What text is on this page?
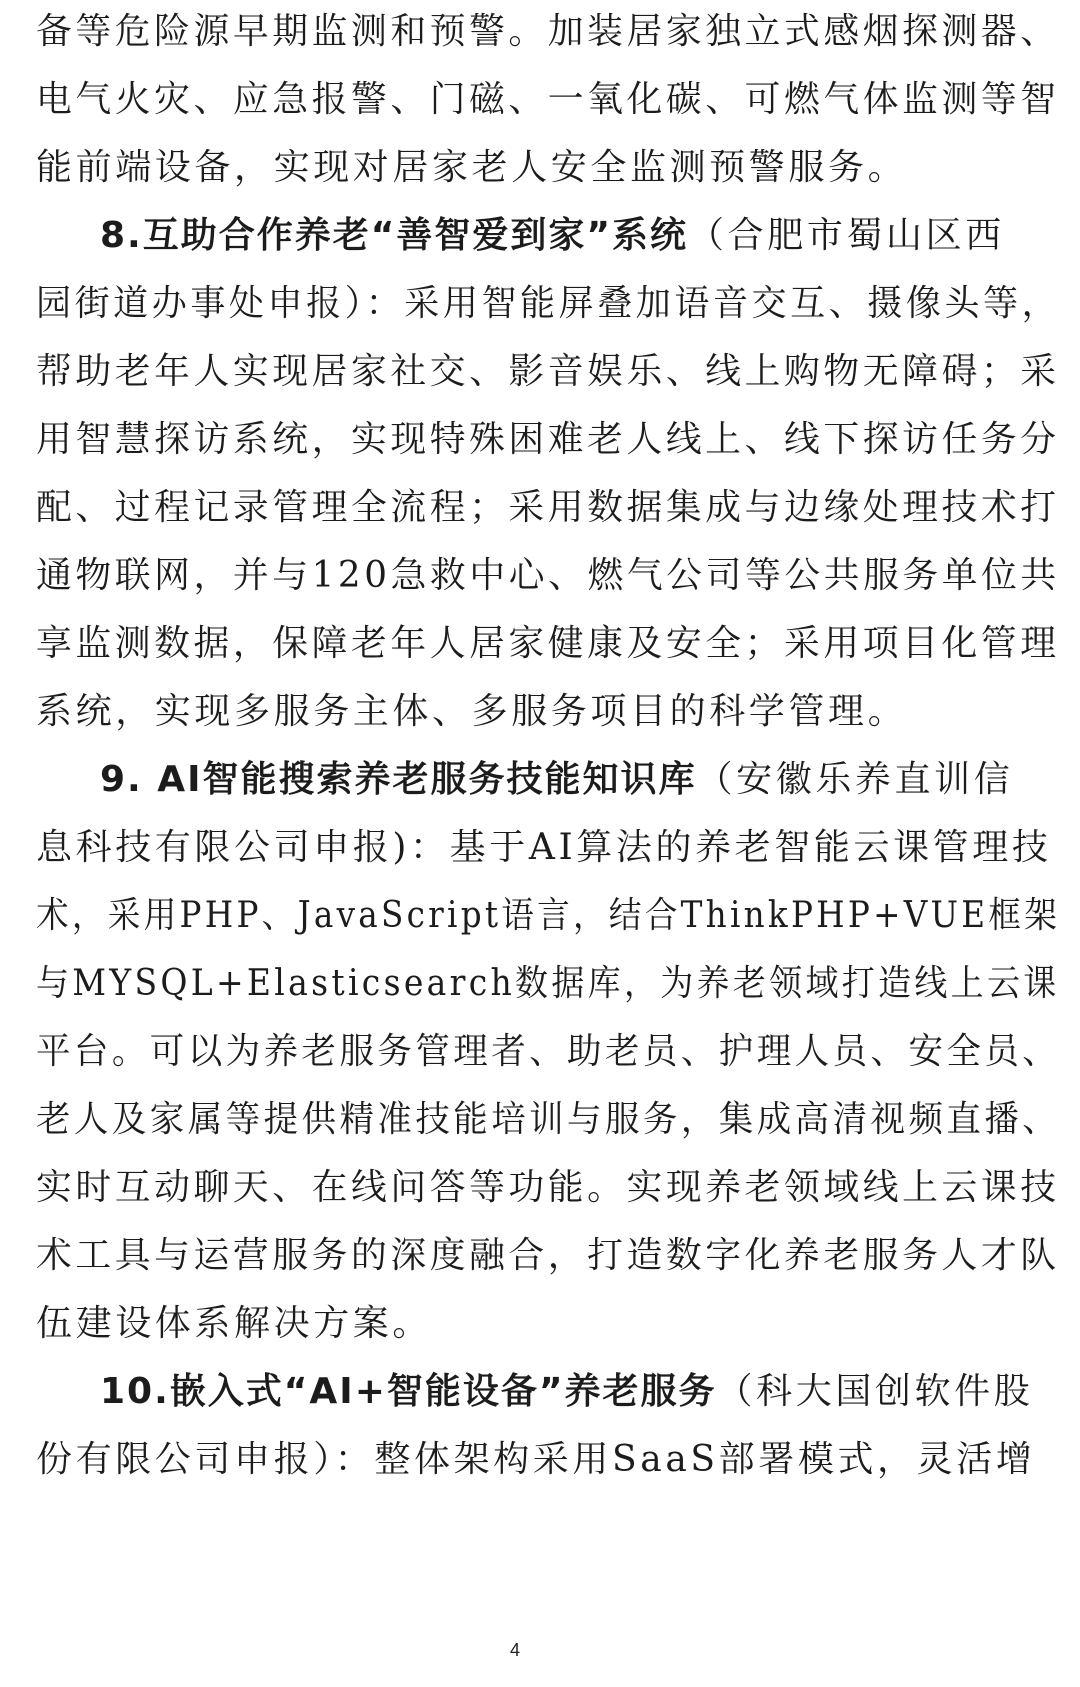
备等危险源早期监测和预警。加装居家独立式感烟探测器、
电气火灾、应急报警、门磁、一氧化碳、可燃气体监测等智
能前端设备，实现对居家老人安全监测预警服务。
8.互助合作养老“善智爱到家”系统（合肥市蜀山区西
园街道办事处申报）：采用智能屏叠加语音交互、摄像头等，
帮助老年人实现居家社交、影音娱乐、线上购物无障碍；采
用智慧探访系统，实现特殊困难老人线上、线下探访任务分
配、过程记录管理全流程；采用数据集成与边缘处理技术打
通物联网，并与120急救中心、燃气公司等公共服务单位共
享监测数据，保障老年人居家健康及安全；采用项目化管理
系统，实现多服务主体、多服务项目的科学管理。
9. AI智能搜索养老服务技能知识库（安徽乐养直训信
息科技有限公司申报)：基于AI算法的养老智能云课管理技
术，采用PHP、JavaScript语言，结合ThinkPHP+VUE框架
与MYSQL+Elasticsearch数据库，为养老领域打造线上云课
平台。可以为养老服务管理者、助老员、护理人员、安全员、
老人及家属等提供精准技能培训与服务，集成高清视频直播、
实时互动聊天、在线问答等功能。实现养老领域线上云课技
术工具与运营服务的深度融合，打造数字化养老服务人才队
伍建设体系解决方案。
10.嵌入式“AI+智能设备”养老服务（科大国创软件股
份有限公司申报）：整体架构采用SaaS部署模式，灵活增
4
